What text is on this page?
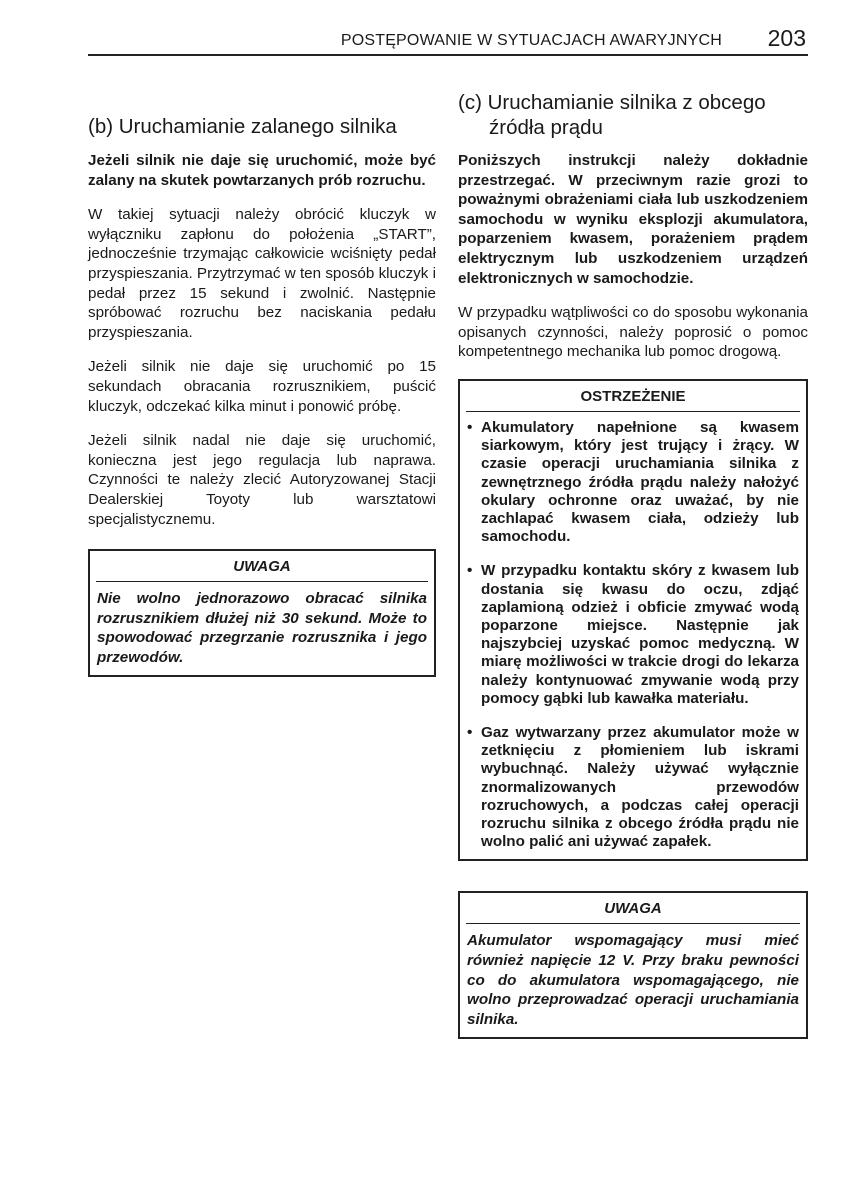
POSTĘPOWANIE W SYTUACJACH AWARYJNYCH 203
(b) Uruchamianie zalanego silnika

Jeżeli silnik nie daje się uruchomić, może być zalany na skutek powtarzanych prób rozruchu.

W takiej sytuacji należy obrócić kluczyk w wyłączniku zapłonu do położenia „START”, jednocześnie trzymając całkowicie wciśnięty pedał przyspieszania. Przytrzymać w ten sposób kluczyk i pedał przez 15 sekund i zwolnić. Następnie spróbować rozruchu bez naciskania pedału przyspieszania.

Jeżeli silnik nie daje się uruchomić po 15 sekundach obracania rozrusznikiem, puścić kluczyk, odczekać kilka minut i ponowić próbę.

Jeżeli silnik nadal nie daje się uruchomić, konieczna jest jego regulacja lub naprawa. Czynności te należy zlecić Autoryzowanej Stacji Dealerskiej Toyoty lub warsztatowi specjalistycznemu.

UWAGA

Nie wolno jednorazowo obracać silnika rozrusznikiem dłużej niż 30 sekund. Może to spowodować przegrzanie rozrusznika i jego przewodów.

(c) Uruchamianie silnika z obcego
źródła prądu

Poniższych instrukcji należy dokładnie przestrzegać. W przeciwnym razie grozi to poważnymi obrażeniami ciała lub uszkodzeniem samochodu w wyniku eksplozji akumulatora, poparzeniem kwasem, porażeniem prądem elektrycznym lub uszkodzeniem urządzeń elektronicznych w samochodzie.

W przypadku wątpliwości co do sposobu wykonania opisanych czynności, należy poprosić o pomoc kompetentnego mechanika lub pomoc drogową.

OSTRZEŻENIE
• Akumulatory napełnione są kwasem siarkowym, który jest trujący i żrący. W czasie operacji uruchamiania silnika z zewnętrznego źródła prądu należy nałożyć okulary ochronne oraz uważać, by nie zachlapać kwasem ciała, odzieży lub samochodu.
• W przypadku kontaktu skóry z kwasem lub dostania się kwasu do oczu, zdjąć zaplamioną odzież i obficie zmywać wodą poparzone miejsce. Następnie jak najszybciej uzyskać pomoc medyczną. W miarę możliwości w trakcie drogi do lekarza należy kontynuować zmywanie wodą przy pomocy gąbki lub kawałka materiału.
• Gaz wytwarzany przez akumulator może w zetknięciu z płomieniem lub iskrami wybuchnąć. Należy używać wyłącznie znormalizowanych przewodów rozruchowych, a podczas całej operacji rozruchu silnika z obcego źródła prądu nie wolno palić ani używać zapałek.
UWAGA

Akumulator wspomagający musi mieć również napięcie 12 V. Przy braku pewności co do akumulatora wspomagającego, nie wolno przeprowadzać operacji uruchamiania silnika.
